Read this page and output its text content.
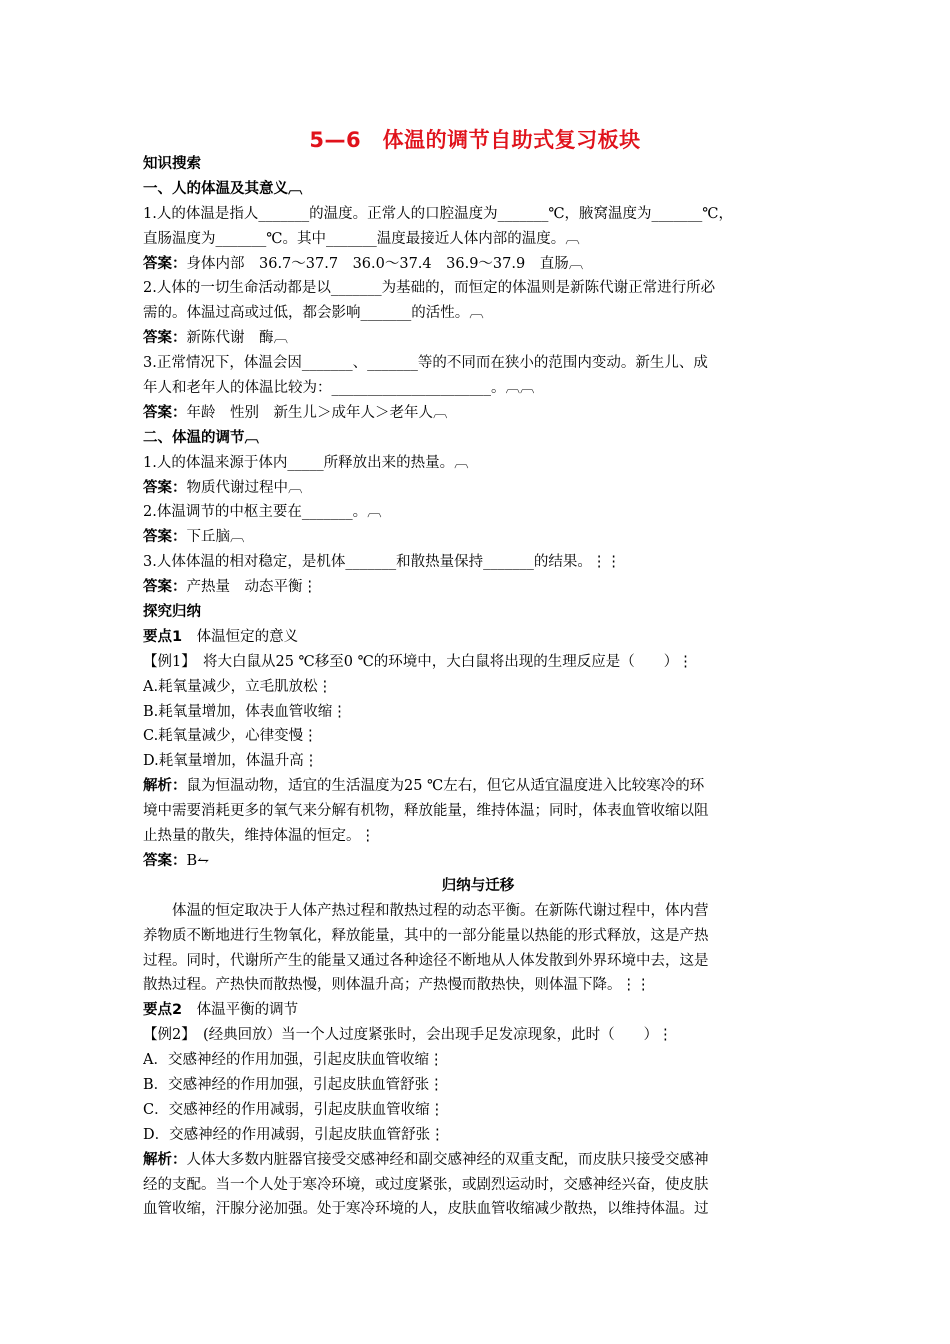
5—6　体温的调节自助式复习板块
知识搜索
一、人的体温及其意义︹
1.人的体温是指人_______的温度。正常人的口腔温度为_______℃，腋窝温度为_______℃，
直肠温度为_______℃。其中_______温度最接近人体内部的温度。︹
答案：身体内部　36.7～37.7　36.0～37.4　36.9～37.9　直肠︹
2.人体的一切生命活动都是以_______为基础的，而恒定的体温则是新陈代谢正常进行所必
需的。体温过高或过低，都会影响_______的活性。︹
答案：新陈代谢　酶︹
3.正常情况下，体温会因_______、_______等的不同而在狭小的范围内变动。新生儿、成
年人和老年人的体温比较为：______________________。︹︹
答案：年龄　性别　新生儿＞成年人＞老年人︹
二、体温的调节︹
1.人的体温来源于体内_____所释放出来的热量。︹
答案：物质代谢过程中︹
2.体温调节的中枢主要在_______。︹
答案：下丘脑︹
3.人体体温的相对稳定，是机体_______和散热量保持_______的结果。⋮⋮
答案：产热量　动态平衡⋮
探究归纳
要点1　体温恒定的意义
【例1】　将大白鼠从25 ℃移至0 ℃的环境中，大白鼠将出现的生理反应是（　　）⋮
A.耗氧量减少，立毛肌放松⋮
B.耗氧量增加，体表血管收缩⋮
C.耗氧量减少，心律变慢⋮
D.耗氧量增加，体温升高⋮
解析：鼠为恒温动物，适宜的生活温度为25 ℃左右，但它从适宜温度进入比较寒冷的环
境中需要消耗更多的氧气来分解有机物，释放能量，维持体温；同时，体表血管收缩以阻
止热量的散失，维持体温的恒定。⋮
答案：B⥊
归纳与迁移
体温的恒定取决于人体产热过程和散热过程的动态平衡。在新陈代谢过程中，体内营
养物质不断地进行生物氧化，释放能量，其中的一部分能量以热能的形式释放，这是产热
过程。同时，代谢所产生的能量又通过各种途径不断地从人体发散到外界环境中去，这是
散热过程。产热快而散热慢，则体温升高；产热慢而散热快，则体温下降。⋮⋮
要点2　体温平衡的调节
【例2】　(经典回放）当一个人过度紧张时，会出现手足发凉现象，此时（　　）⋮
A．交感神经的作用加强，引起皮肤血管收缩⋮
B．交感神经的作用加强，引起皮肤血管舒张⋮
C．交感神经的作用减弱，引起皮肤血管收缩⋮
D．交感神经的作用减弱，引起皮肤血管舒张⋮
解析：人体大多数内脏器官接受交感神经和副交感神经的双重支配，而皮肤只接受交感神
经的支配。当一个人处于寒冷环境，或过度紧张，或剧烈运动时，交感神经兴奋，使皮肤
血管收缩，汗腺分泌加强。处于寒冷环境的人，皮肤血管收缩减少散热，以维持体温。过
